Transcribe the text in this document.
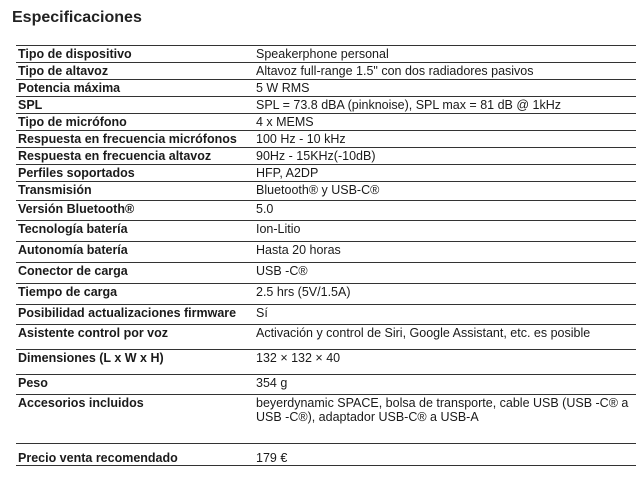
Especificaciones
Tipo de dispositivo	Speakerphone personal
Tipo de altavoz	Altavoz full-range 1.5" con dos radiadores pasivos
Potencia máxima	5 W RMS
SPL	SPL = 73.8 dBA (pinknoise), SPL max = 81 dB @ 1kHz
Tipo de micrófono	4 x MEMS
Respuesta en frecuencia micrófonos	100 Hz - 10 kHz
Respuesta en frecuencia altavoz	90Hz - 15KHz(-10dB)
Perfiles soportados	HFP, A2DP
Transmisión	Bluetooth® y USB-C®
Versión Bluetooth®	5.0
Tecnología batería	Ion-Litio
Autonomía batería	Hasta 20 horas
Conector de carga	USB -C®
Tiempo de carga	2.5 hrs (5V/1.5A)
Posibilidad actualizaciones firmware	Sí
Asistente control por voz	Activación y control de Siri, Google Assistant, etc. es posible
Dimensiones (L x W x H)	132 × 132 × 40
Peso	354 g
Accesorios incluidos	beyerdynamic SPACE, bolsa de transporte, cable USB (USB -C® a USB -C®), adaptador USB-C® a USB-A
Precio venta recomendado	179 €
